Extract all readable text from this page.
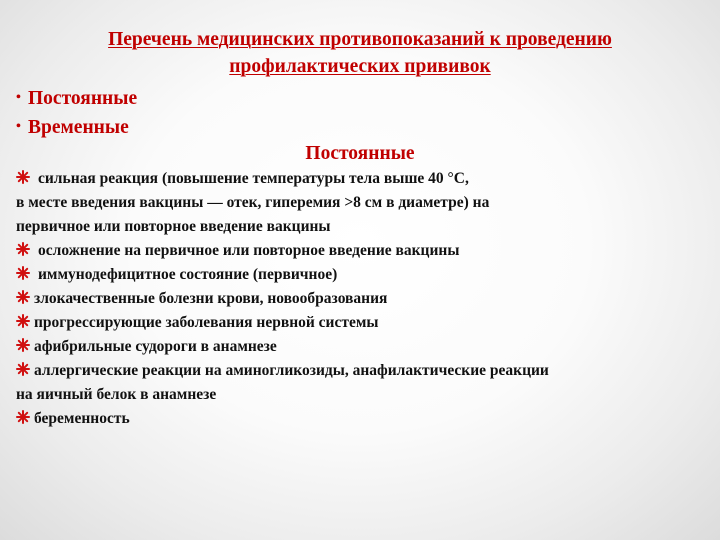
Перечень медицинских противопоказаний к проведению
профилактических прививок
• Постоянные
• Временные
Постоянные
сильная реакция (повышение температуры тела выше 40 °С,
в месте введения вакцины — отек, гиперемия >8 см в диаметре) на
первичное или повторное введение вакцины
осложнение на первичное или повторное введение вакцины
иммунодефицитное состояние (первичное)
злокачественные болезни крови, новообразования
прогрессирующие заболевания нервной системы
афибрильные судороги в анамнезе
аллергические реакции на аминогликозиды, анафилактические реакции
на яичный белок в анамнезе
беременность
